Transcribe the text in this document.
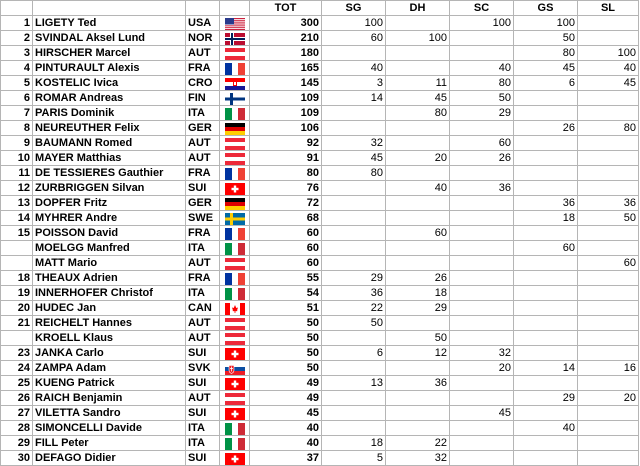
				TOT	SG	DH	SC	GS	SL
1	LIGETY Ted	USA		300	100		100	100	
2	SVINDAL Aksel Lund	NOR		210	60	100		50	
3	HIRSCHER Marcel	AUT		180				80	100
4	PINTURAULT Alexis	FRA		165	40		40	45	40
5	KOSTELIC Ivica	CRO		145	3	11	80	6	45
6	ROMAR Andreas	FIN		109	14	45	50		
7	PARIS Dominik	ITA		109		80	29		
8	NEUREUTHER Felix	GER		106				26	80
9	BAUMANN Romed	AUT		92	32		60		
10	MAYER Matthias	AUT		91	45	20	26		
11	DE TESSIERES Gauthier	FRA		80	80				
12	ZURBRIGGEN Silvan	SUI		76		40	36		
13	DOPFER Fritz	GER		72				36	36
14	MYHRER Andre	SWE		68				18	50
15	POISSON David	FRA		60		60			
	MOELGG Manfred	ITA		60				60	
	MATT Mario	AUT		60					60
18	THEAUX Adrien	FRA		55	29	26			
19	INNERHOFER Christof	ITA		54	36	18			
20	HUDEC Jan	CAN		51	22	29			
21	REICHELT Hannes	AUT		50	50				
	KROELL Klaus	AUT		50		50			
23	JANKA Carlo	SUI		50	6	12	32		
24	ZAMPA Adam	SVK		50			20	14	16
25	KUENG Patrick	SUI		49	13	36			
26	RAICH Benjamin	AUT		49				29	20
27	VILETTA Sandro	SUI		45			45		
28	SIMONCELLI Davide	ITA		40				40	
29	FILL Peter	ITA		40	18	22			
30	DEFAGO Didier	SUI		37	5	32			
